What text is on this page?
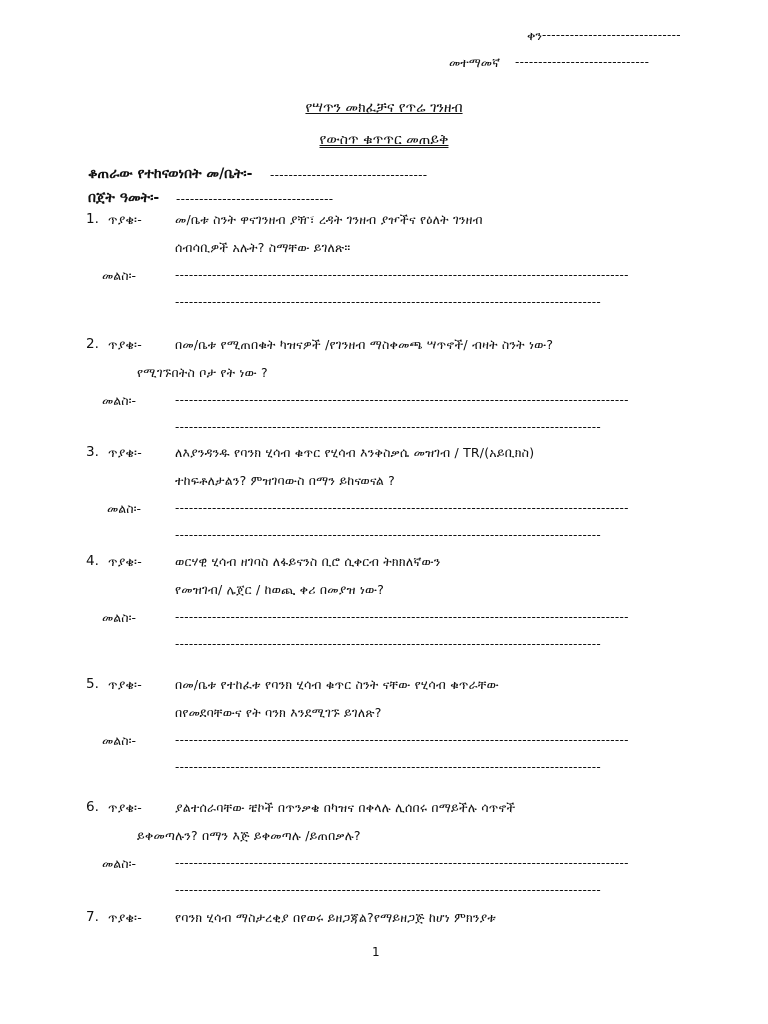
ቀን ------------------------------
መተማመኛ -----------------------------
የሣጥን መክፈቻና የጥሬ ገንዘብ
የውስጥ ቁጥጥር መጠይቅ
ቆጠራው የተከናወነበት መ/ቤት፡- ----------------------------------
በጀት ዓመት፡- ----------------------------------
1. ጥያቄ፡-	መ/ቤቱ ስንት ዋናገንዘብ ያዥ፣ ረዳት ገንዘብ ያዦችና የዕለት ገንዘብ
ሰብሳቢዎች አሉት? ስማቸው ይገለጽ።
መልስ፡-	--------------------------------------------------------------------------------------------------
--------------------------------------------------------------------------------------------
2. ጥያቄ፡-	በመ/ቤቱ የሚጠበቁት ካዝናዎች /የገንዘብ ማስቀመጫ ሣጥኖች/ ብዛት ስንት ነው?
የሚገኙበትስ ቦታ የት ነው ?
መልስ፡-	--------------------------------------------------------------------------------------------------
--------------------------------------------------------------------------------------------
3. ጥያቄ፡-	ለእያንዳንዱ የባንክ ሂሳብ ቁጥር የሂሳብ እንቅስቃሴ መዝገብ / TR/(አይቢክስ)
ተከፍቶለታልን? ምዝገባውስ በማን ይከናወናል ?
መልስ፡-	--------------------------------------------------------------------------------------------------
--------------------------------------------------------------------------------------------
4. ጥያቄ፡-	ወርሃዊ ሂሳብ ዘገባስ ለፋይናንስ ቢሮ ሲቀርብ ትክክለኛውን
የመዝገብ/ ሌጀር / ከወጪ ቀሪ በመያዝ ነው?
መልስ፡-	--------------------------------------------------------------------------------------------------
--------------------------------------------------------------------------------------------
5. ጥያቄ፡-	በመ/ቤቱ የተከፈቱ የባንክ ሂሳብ ቁጥር ስንት ናቸው የሂሳብ ቁጥራቸው
በየመደባቸውና የት ባንክ እንደሚገኙ ይገለጽ?
መልስ፡-	--------------------------------------------------------------------------------------------------
--------------------------------------------------------------------------------------------
6. ጥያቄ፡-	ያልተሰራባቸው ቼኮች በጥንቃቄ በካዝና በቀላሉ ሊሰበሩ በማይችሉ ሳጥኖች
ይቀመጣሉን? በማን እጅ ይቀመጣሉ /ይጠበቃሉ?
መልስ፡-	--------------------------------------------------------------------------------------------------
--------------------------------------------------------------------------------------------
7. ጥያቄ፡-	የባንክ ሂሳብ ማስታረቂያ በየወሩ ይዘጋጃል?የማይዘጋጅ ከሆነ ምክንያቱ
1
